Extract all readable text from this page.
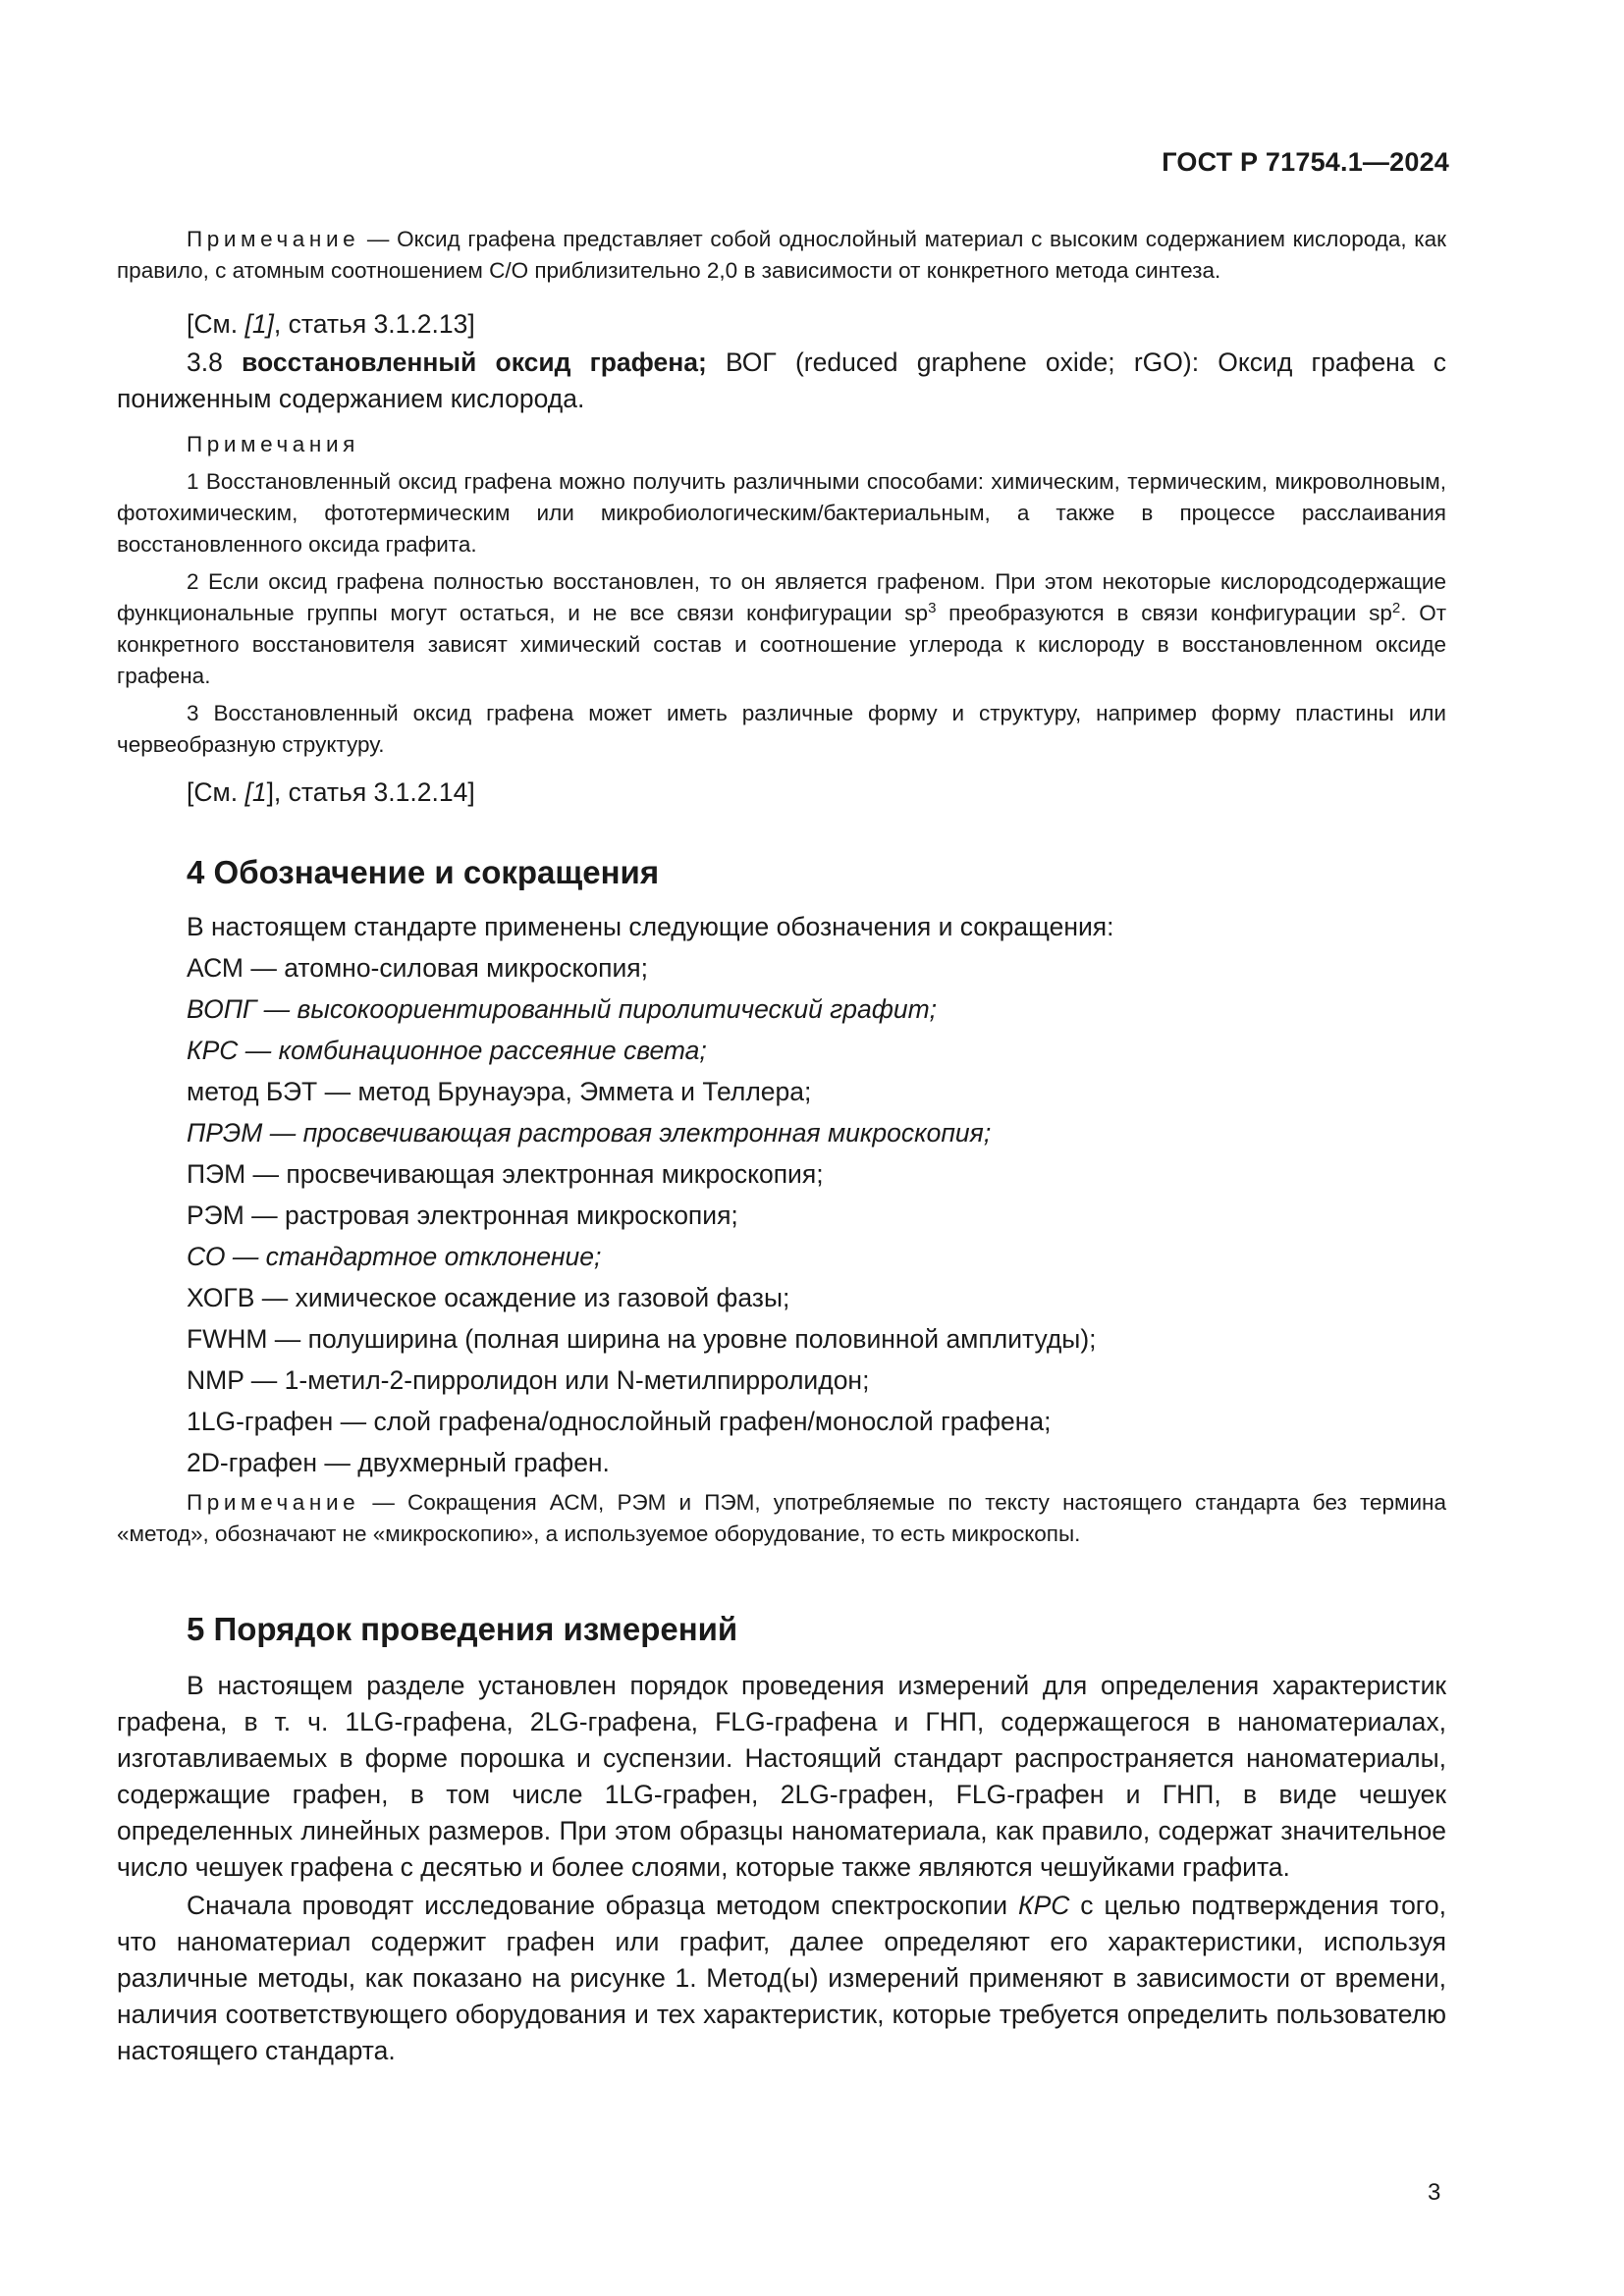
ГОСТ Р 71754.1—2024

Примечание — Оксид графена представляет собой однослойный материал с высоким содержанием кислорода, как правило, с атомным соотношением С/О приблизительно 2,0 в зависимости от конкретного метода синтеза.

[См. [1], статья 3.1.2.13]

3.8 восстановленный оксид графена; ВОГ (reduced graphene oxide; rGO): Оксид графена с пониженным содержанием кислорода.

Примечания

1 Восстановленный оксид графена можно получить различными способами: химическим, термическим, микроволновым, фотохимическим, фототермическим или микробиологическим/бактериальным, а также в процессе расслаивания восстановленного оксида графита.

2 Если оксид графена полностью восстановлен, то он является графеном. При этом некоторые кислородсодержащие функциональные группы могут остаться, и не все связи конфигурации $sp^3$ преобразуются в связи конфигурации $sp^2$. От конкретного восстановителя зависят химический состав и соотношение углерода к кислороду в восстановленном оксиде графена.

3 Восстановленный оксид графена может иметь различные форму и структуру, например форму пластины или червеобразную структуру.

[См. [1], статья 3.1.2.14]

4 Обозначение и сокращения

В настоящем стандарте применены следующие обозначения и сокращения:

АСМ — атомно-силовая микроскопия;

ВОПГ — высокоориентированный пиролитический графит;

КРС — комбинационное рассеяние света;

метод БЭТ — метод Брунауэра, Эммета и Теллера;

ПРЭМ — просвечивающая растровая электронная микроскопия;

ПЭМ — просвечивающая электронная микроскопия;

РЭМ — растровая электронная микроскопия;

СО — стандартное отклонение;

ХОГВ — химическое осаждение из газовой фазы;

FWHM — полуширина (полная ширина на уровне половинной амплитуды);

NMP — 1-метил-2-пирролидон или N-метилпирролидон;

1LG-графен — слой графена/однослойный графен/монослой графена;

2D-графен — двухмерный графен.

Примечание — Сокращения АСМ, РЭМ и ПЭМ, употребляемые по тексту настоящего стандарта без термина «метод», обозначают не «микроскопию», а используемое оборудование, то есть микроскопы.

5 Порядок проведения измерений

В настоящем разделе установлен порядок проведения измерений для определения характеристик графена, в т. ч. 1LG-графена, 2LG-графена, FLG-графена и ГНП, содержащегося в наноматериалах, изготавливаемых в форме порошка и суспензии. Настоящий стандарт распространяется наноматериалы, содержащие графен, в том числе 1LG-графен, 2LG-графен, FLG-графен и ГНП, в виде чешуек определенных линейных размеров. При этом образцы наноматериала, как правило, содержат значительное число чешуек графена с десятью и более слоями, которые также являются чешуйками графита.

Сначала проводят исследование образца методом спектроскопии КРС с целью подтверждения того, что наноматериал содержит графен или графит, далее определяют его характеристики, используя различные методы, как показано на рисунке 1. Метод(ы) измерений применяют в зависимости от времени, наличия соответствующего оборудования и тех характеристик, которые требуется определить пользователю настоящего стандарта.

3
